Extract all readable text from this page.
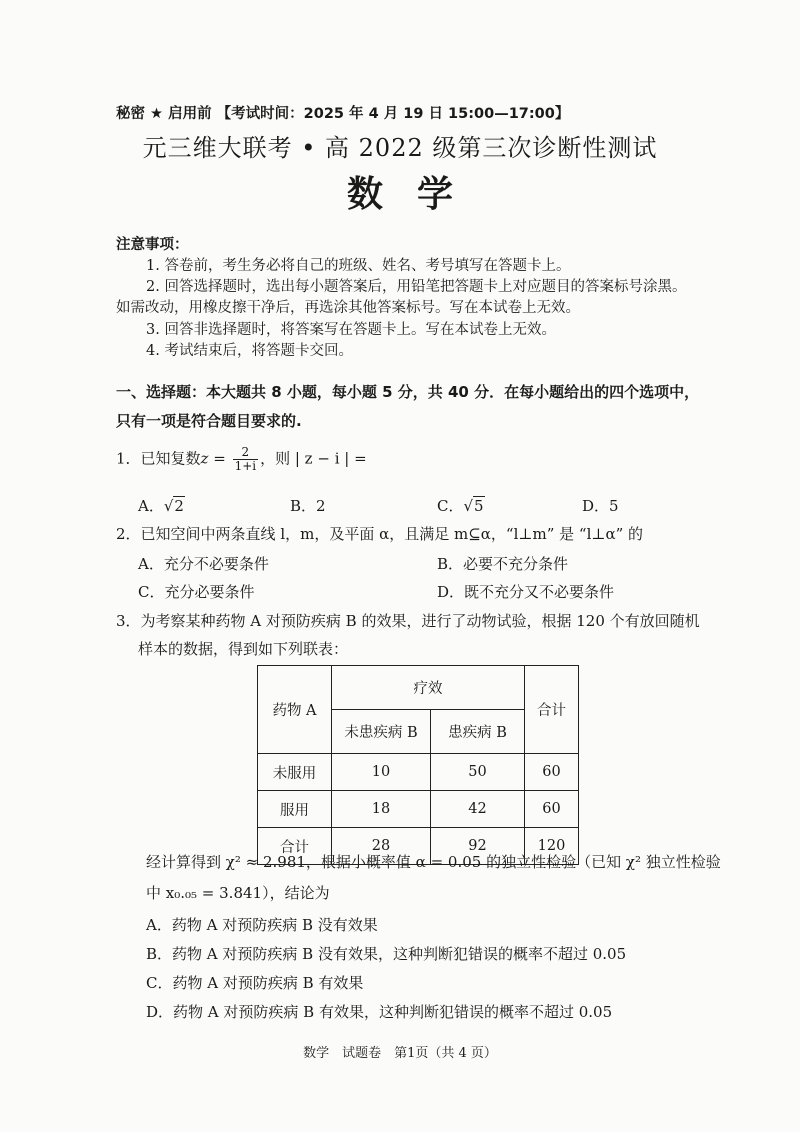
秘密 ★ 启用前 【考试时间：2025 年 4 月 19 日 15:00—17:00】
元三维大联考 • 高 2022 级第三次诊断性测试
数学
注意事项：
1. 答卷前，考生务必将自己的班级、姓名、考号填写在答题卡上。
2. 回答选择题时，选出每小题答案后，用铅笔把答题卡上对应题目的答案标号涂黑。
如需改动，用橡皮擦干净后，再选涂其他答案标号。写在本试卷上无效。
3. 回答非选择题时，将答案写在答题卡上。写在本试卷上无效。
4. 考试结束后，将答题卡交回。
一、选择题：本大题共 8 小题，每小题 5 分，共 40 分．在每小题给出的四个选项中，
只有一项是符合题目要求的.
1．已知复数$z = \frac{2}{1+i}$ ，则 | z − i | =
A．√2	B．2	C．√5	D．5
2．已知空间中两条直线 l，m，及平面 α，且满足 m⊆α，“l⊥m” 是 “l⊥α” 的
A．充分不必要条件	B．必要不充分条件
C．充分必要条件	D．既不充分又不必要条件
3．为考察某种药物 A 对预防疾病 B 的效果，进行了动物试验，根据 120 个有放回随机
样本的数据，得到如下列联表：
药物 A	疗效		合计
	未患疾病 B	患疾病 B	
未服用	10	50	60
服用	18	42	60
合计	28	92	120
经计算得到 χ² ≈ 2.981，根据小概率值 α = 0.05 的独立性检验（已知 χ² 独立性检验
中 x₀.₀₅ = 3.841），结论为
A．药物 A 对预防疾病 B 没有效果
B．药物 A 对预防疾病 B 没有效果，这种判断犯错误的概率不超过 0.05
C．药物 A 对预防疾病 B 有效果
D．药物 A 对预防疾病 B 有效果，这种判断犯错误的概率不超过 0.05
数学　试题卷　第1页（共 4 页）
